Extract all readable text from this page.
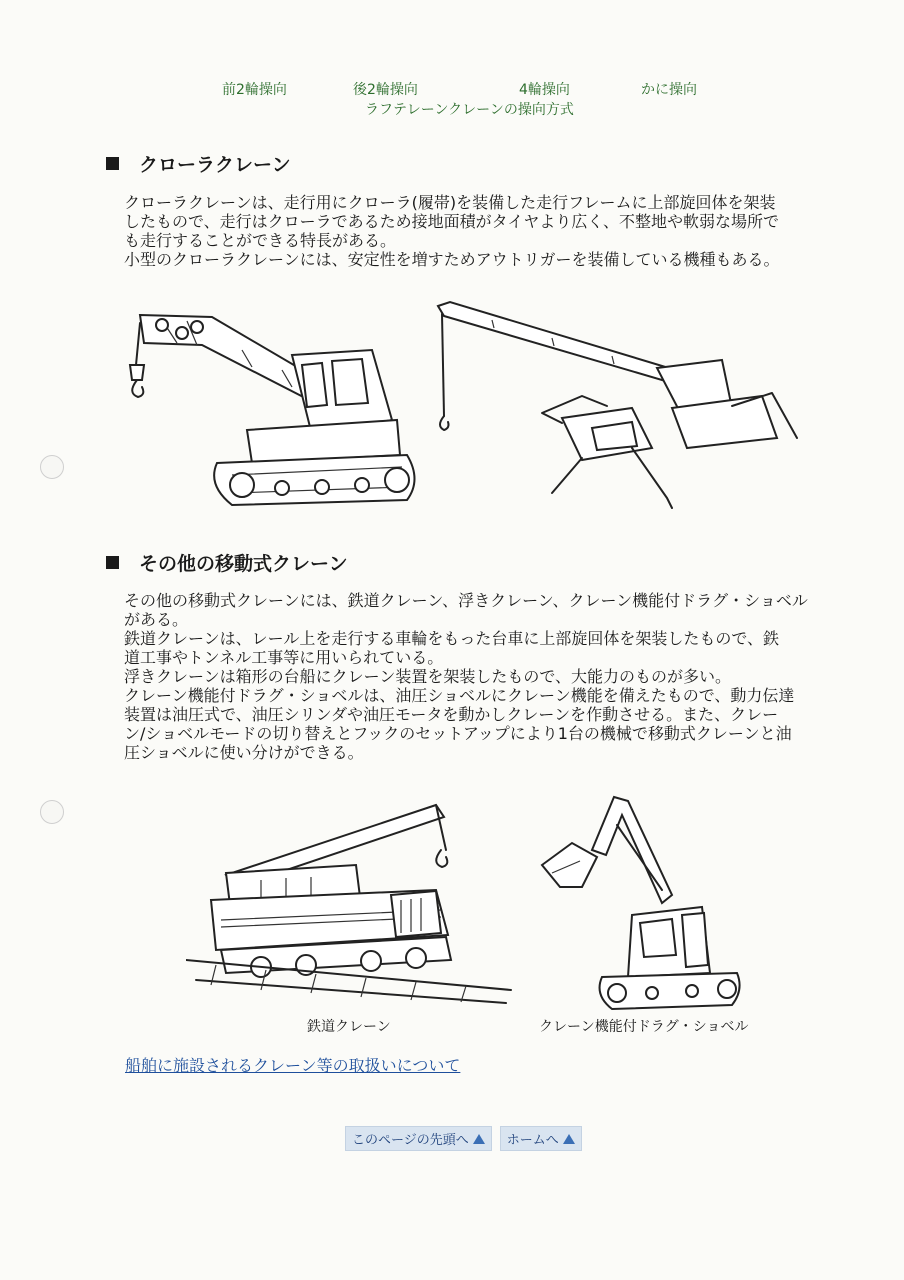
前2輪操向	後2輪操向	4輪操向	かに操向
ラフテレーンクレーンの操向方式
クローラクレーン

クローラクレーンは、走行用にクローラ(履帯)を装備した走行フレームに上部旋回体を架装

したもので、走行はクローラであるため接地面積がタイヤより広く、不整地や軟弱な場所で

も走行することができる特長がある。

小型のクローラクレーンには、安定性を増すためアウトリガーを装備している機種もある。

その他の移動式クレーン

その他の移動式クレーンには、鉄道クレーン、浮きクレーン、クレーン機能付ドラグ・ショベル

がある。

鉄道クレーンは、レール上を走行する車輪をもった台車に上部旋回体を架装したもので、鉄

道工事やトンネル工事等に用いられている。

浮きクレーンは箱形の台船にクレーン装置を架装したもので、大能力のものが多い。

クレーン機能付ドラグ・ショベルは、油圧ショベルにクレーン機能を備えたもので、動力伝達

装置は油圧式で、油圧シリンダや油圧モータを動かしクレーンを作動させる。また、クレー

ン/ショベルモードの切り替えとフックのセットアップにより1台の機械で移動式クレーンと油

圧ショベルに使い分けができる。

鉄道クレーン	クレーン機能付ドラグ・ショベル
船舶に施設されるクレーン等の取扱いについて
このページの先頭へ	ホームへ
